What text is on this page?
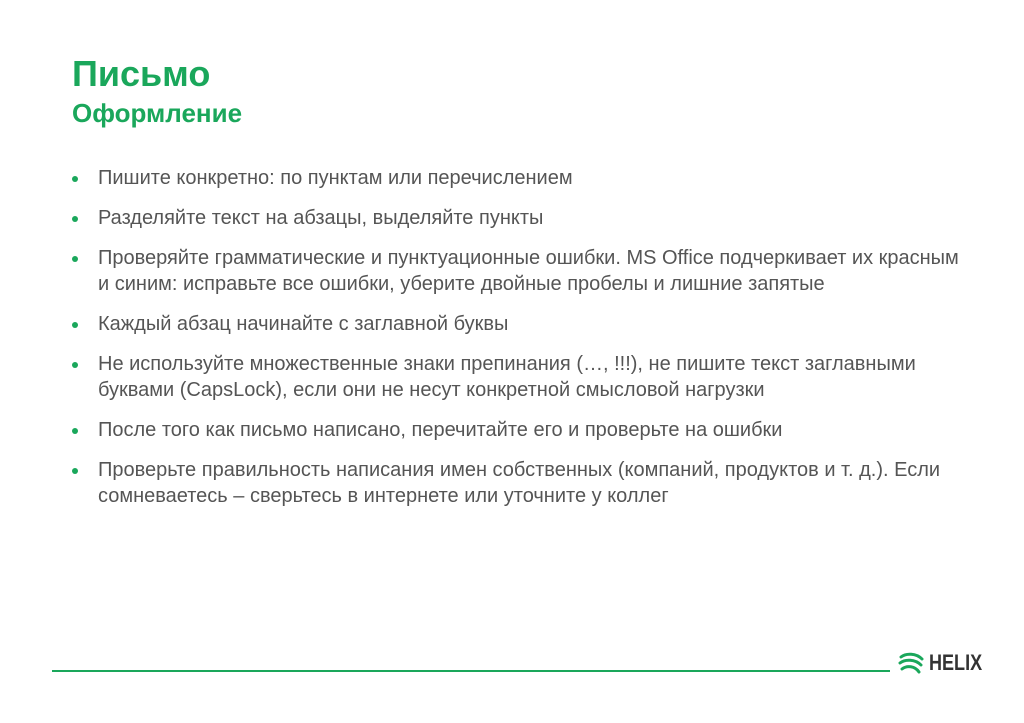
Письмо
Оформление
Пишите конкретно: по пунктам или перечислением
Разделяйте текст на абзацы, выделяйте пункты
Проверяйте грамматические и пунктуационные ошибки. MS Office подчеркивает их красным и синим: исправьте все ошибки, уберите двойные пробелы и лишние запятые
Каждый абзац начинайте с заглавной буквы
Не используйте множественные знаки препинания (…, !!!), не пишите текст заглавными буквами (CapsLock), если они не несут конкретной смысловой нагрузки
После того как письмо написано, перечитайте его и проверьте на ошибки
Проверьте правильность написания имен собственных (компаний, продуктов и т. д.). Если сомневаетесь – сверьтесь в интернете или уточните у коллег
HELIX
